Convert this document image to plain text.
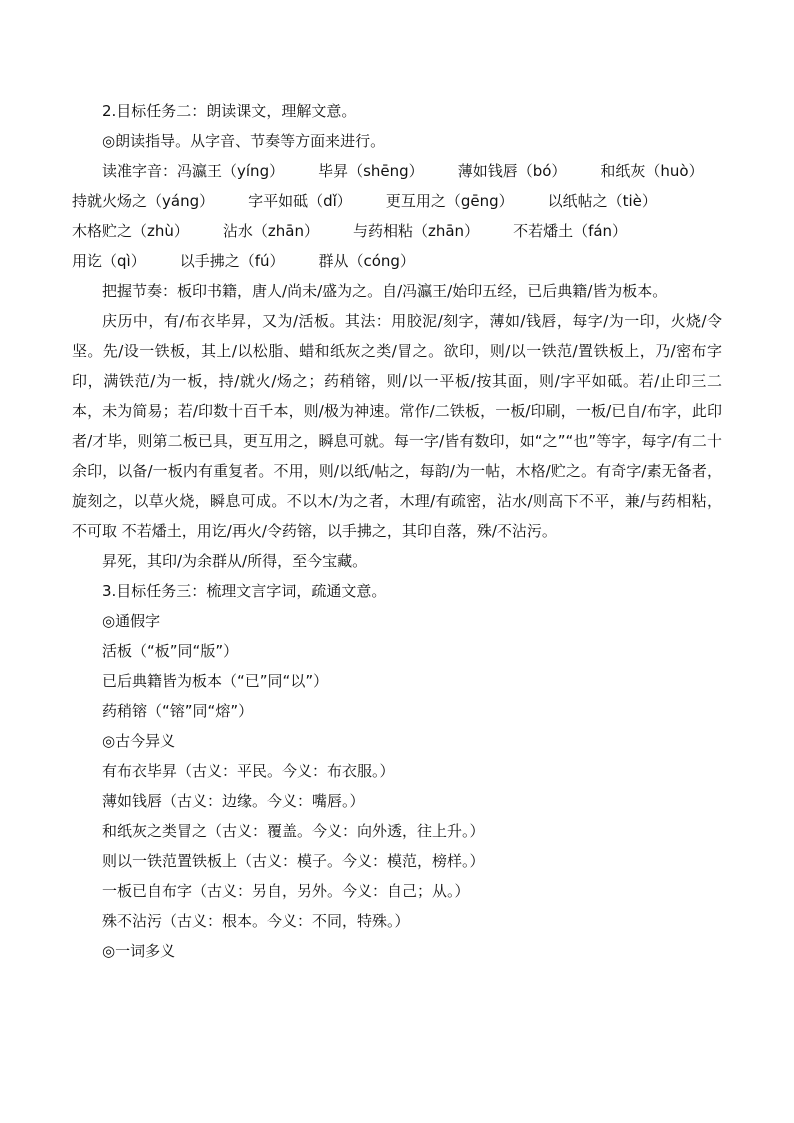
2.目标任务二：朗读课文，理解文意。
◎朗读指导。从字音、节奏等方面来进行。
读准字音：冯瀛王（yíng） 毕昇（shēng） 薄如钱唇（bó） 和纸灰（huò）
持就火炀之（yáng） 字平如砥（dǐ） 更互用之（gēng） 以纸帖之（tiè）
木格贮之（zhù） 沾水（zhān） 与药相粘（zhān） 不若燔土（fán）
用讫（qì） 以手拂之（fú） 群从（cóng）
把握节奏：板印书籍，唐人/尚未/盛为之。自/冯瀛王/始印五经，已后典籍/皆为板本。
庆历中，有/布衣毕昇，又为/活板。其法：用胶泥/刻字，薄如/钱唇，每字/为一印，火烧/令坚。先/设一铁板，其上/以松脂、蜡和纸灰之类/冒之。欲印，则/以一铁范/置铁板上，乃/密布字印，满铁范/为一板，持/就火/炀之；药稍镕，则/以一平板/按其面，则/字平如砥。若/止印三二本，未为简易；若/印数十百千本，则/极为神速。常作/二铁板，一板/印刷，一板/已自/布字，此印者/才毕，则第二板已具，更互用之，瞬息可就。每一字/皆有数印，如“之”“也”等字，每字/有二十余印，以备/一板内有重复者。不用，则/以纸/帖之，每韵/为一帖，木格/贮之。有奇字/素无备者，旋刻之，以草火烧，瞬息可成。不以木/为之者，木理/有疏密，沾水/则高下不平，兼/与药相粘，不可取 不若燔土，用讫/再火/令药镕，以手拂之，其印自落，殊/不沾污。
昇死，其印/为余群从/所得，至今宝藏。
3.目标任务三：梳理文言字词，疏通文意。
◎通假字
活板（“板”同“版”）
已后典籍皆为板本（“已”同“以”）
药稍镕（“镕”同“熔”）
◎古今异义
有布衣毕昇（古义：平民。今义：布衣服。）
薄如钱唇（古义：边缘。今义：嘴唇。）
和纸灰之类冒之（古义：覆盖。今义：向外透，往上升。）
则以一铁范置铁板上（古义：模子。今义：模范，榜样。）
一板已自布字（古义：另自，另外。今义：自己；从。）
殊不沾污（古义：根本。今义：不同，特殊。）
◎一词多义
